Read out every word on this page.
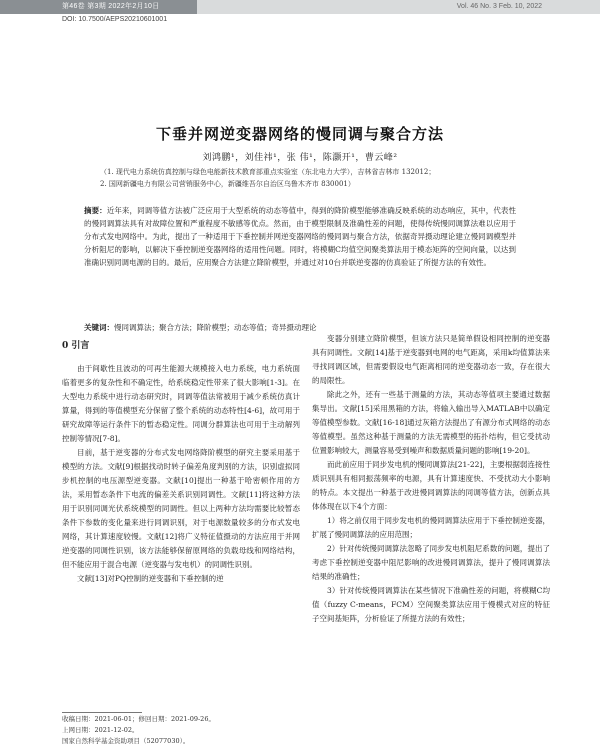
第46卷 第3期 2022年2月10日	Vol. 46 No. 3 Feb. 10, 2022
DOI: 10.7500/AEPS20210601001
下垂并网逆变器网络的慢同调与聚合方法
刘鸿鹏¹，刘佳祎¹，张 伟¹，陈灏开¹，曹云峰²
（1. 现代电力系统仿真控制与绿色电能新技术教育部重点实验室（东北电力大学），吉林省吉林市 132012；
2. 国网新疆电力有限公司营销服务中心，新疆维吾尔自治区乌鲁木齐市 830001）
摘要：近年来，同调等值方法被广泛应用于大型系统的动态等值中，得到的降阶模型能够准确反映系统的动态响应，其中，代表性的慢同调算法具有对故障位置和严重程度不敏感等优点。然而，由于模型限制及准确性差的问题，使得传统慢同调算法难以应用于分布式发电网络中。为此，提出了一种适用于下垂控制并网逆变器网络的慢同调与聚合方法，依据奇异摄动理论建立慢同调模型并分析阻尼的影响，以解决下垂控制逆变器网络的适用性问题。同时，将模糊C均值空间聚类算法用于模态矩阵的空间向量，以达到准确识别同调电源的目的。最后，应用聚合方法建立降阶模型，并通过对10台并联逆变器的仿真验证了所提方法的有效性。
关键词：慢同调算法；聚合方法；降阶模型；动态等值；奇异摄动理论
0 引言

由于间歇性且波动的可再生能源大规模接入电力系统，电力系统面临着更多的复杂性和不确定性，给系统稳定性带来了很大影响[1-3]。在大型电力系统中进行动态研究时，同调等值法常被用于减少系统仿真计算量，得到的等值模型充分保留了整个系统的动态特性[4-6]，故可用于研究故障等运行条件下的暂态稳定性。同调分群算法也可用于主动解列控制等情况[7-8]。

目前，基于逆变器的分布式发电网络降阶模型的研究主要采用基于模型的方法。文献[9]根据找动时转子偏差角度判别的方法，识别虚拟同步机控制的电压源型逆变器。文献[10]提出一种基于哈密顿作用的方法，采用暂态条件下电流的偏差关系识别同调性。文献[11]将这种方法用于识别同调光伏系统模型的同调性。但以上两种方法均需要比较暂态条件下参数的变化量来进行同调识别，对于电源数量较多的分布式发电网络，其计算速度较慢。文献[12]将广义特征值摄动的方法应用于并网逆变器的同调性识别，该方法能够保留原网络的负载母线和网络结构，但不能应用于混合电源（逆变器与发电机）的同调性识别。

文献[13]对PQ控制的逆变器和下垂控制的逆

变器分别建立降阶模型，但该方法只是简单假设相同控制的逆变器具有同调性。文献[14]基于逆变器到电网的电气距离，采用k均值算法来寻找同调区域，但需要假设电气距离相同的逆变器动态一致，存在很大的局限性。

除此之外，还有一些基于测量的方法，其动态等值项主要通过数据集导出。文献[15]采用黑箱的方法，将输入输出导入MATLAB中以确定等值模型参数。文献[16-18]通过灰箱方法提出了有源分布式网络的动态等值模型。虽然这种基于测量的方法无需模型的拓扑结构，但它受扰动位置影响较大，测量容易受到噪声和数据质量问题的影响[19-20]。

而此前应用于同步发电机的慢同调算法[21-22]，主要根据弱连接性质识别具有相同振荡频率的电源，具有计算速度快、不受扰动大小影响的特点。本文提出一种基于改进慢同调算法的同调等值方法，创新点具体体现在以下4个方面：

1）将之前仅用于同步发电机的慢同调算法应用于下垂控制逆变器，扩展了慢同调算法的应用范围；

2）针对传统慢同调算法忽略了同步发电机阻尼系数的问题，提出了考虑下垂控制逆变器中阻尼影响的改进慢同调算法，提升了慢同调算法结果的准确性；

3）针对传统慢同调算法在某些情况下准确性差的问题，将模糊C均值（fuzzy C-means，FCM）空间聚类算法应用于慢模式对应的特征子空间基矩阵，分析验证了所提方法的有效性；

收稿日期：2021-06-01；修回日期：2021-09-26。
上网日期：2021-12-02。
国家自然科学基金资助项目（52077030）。
